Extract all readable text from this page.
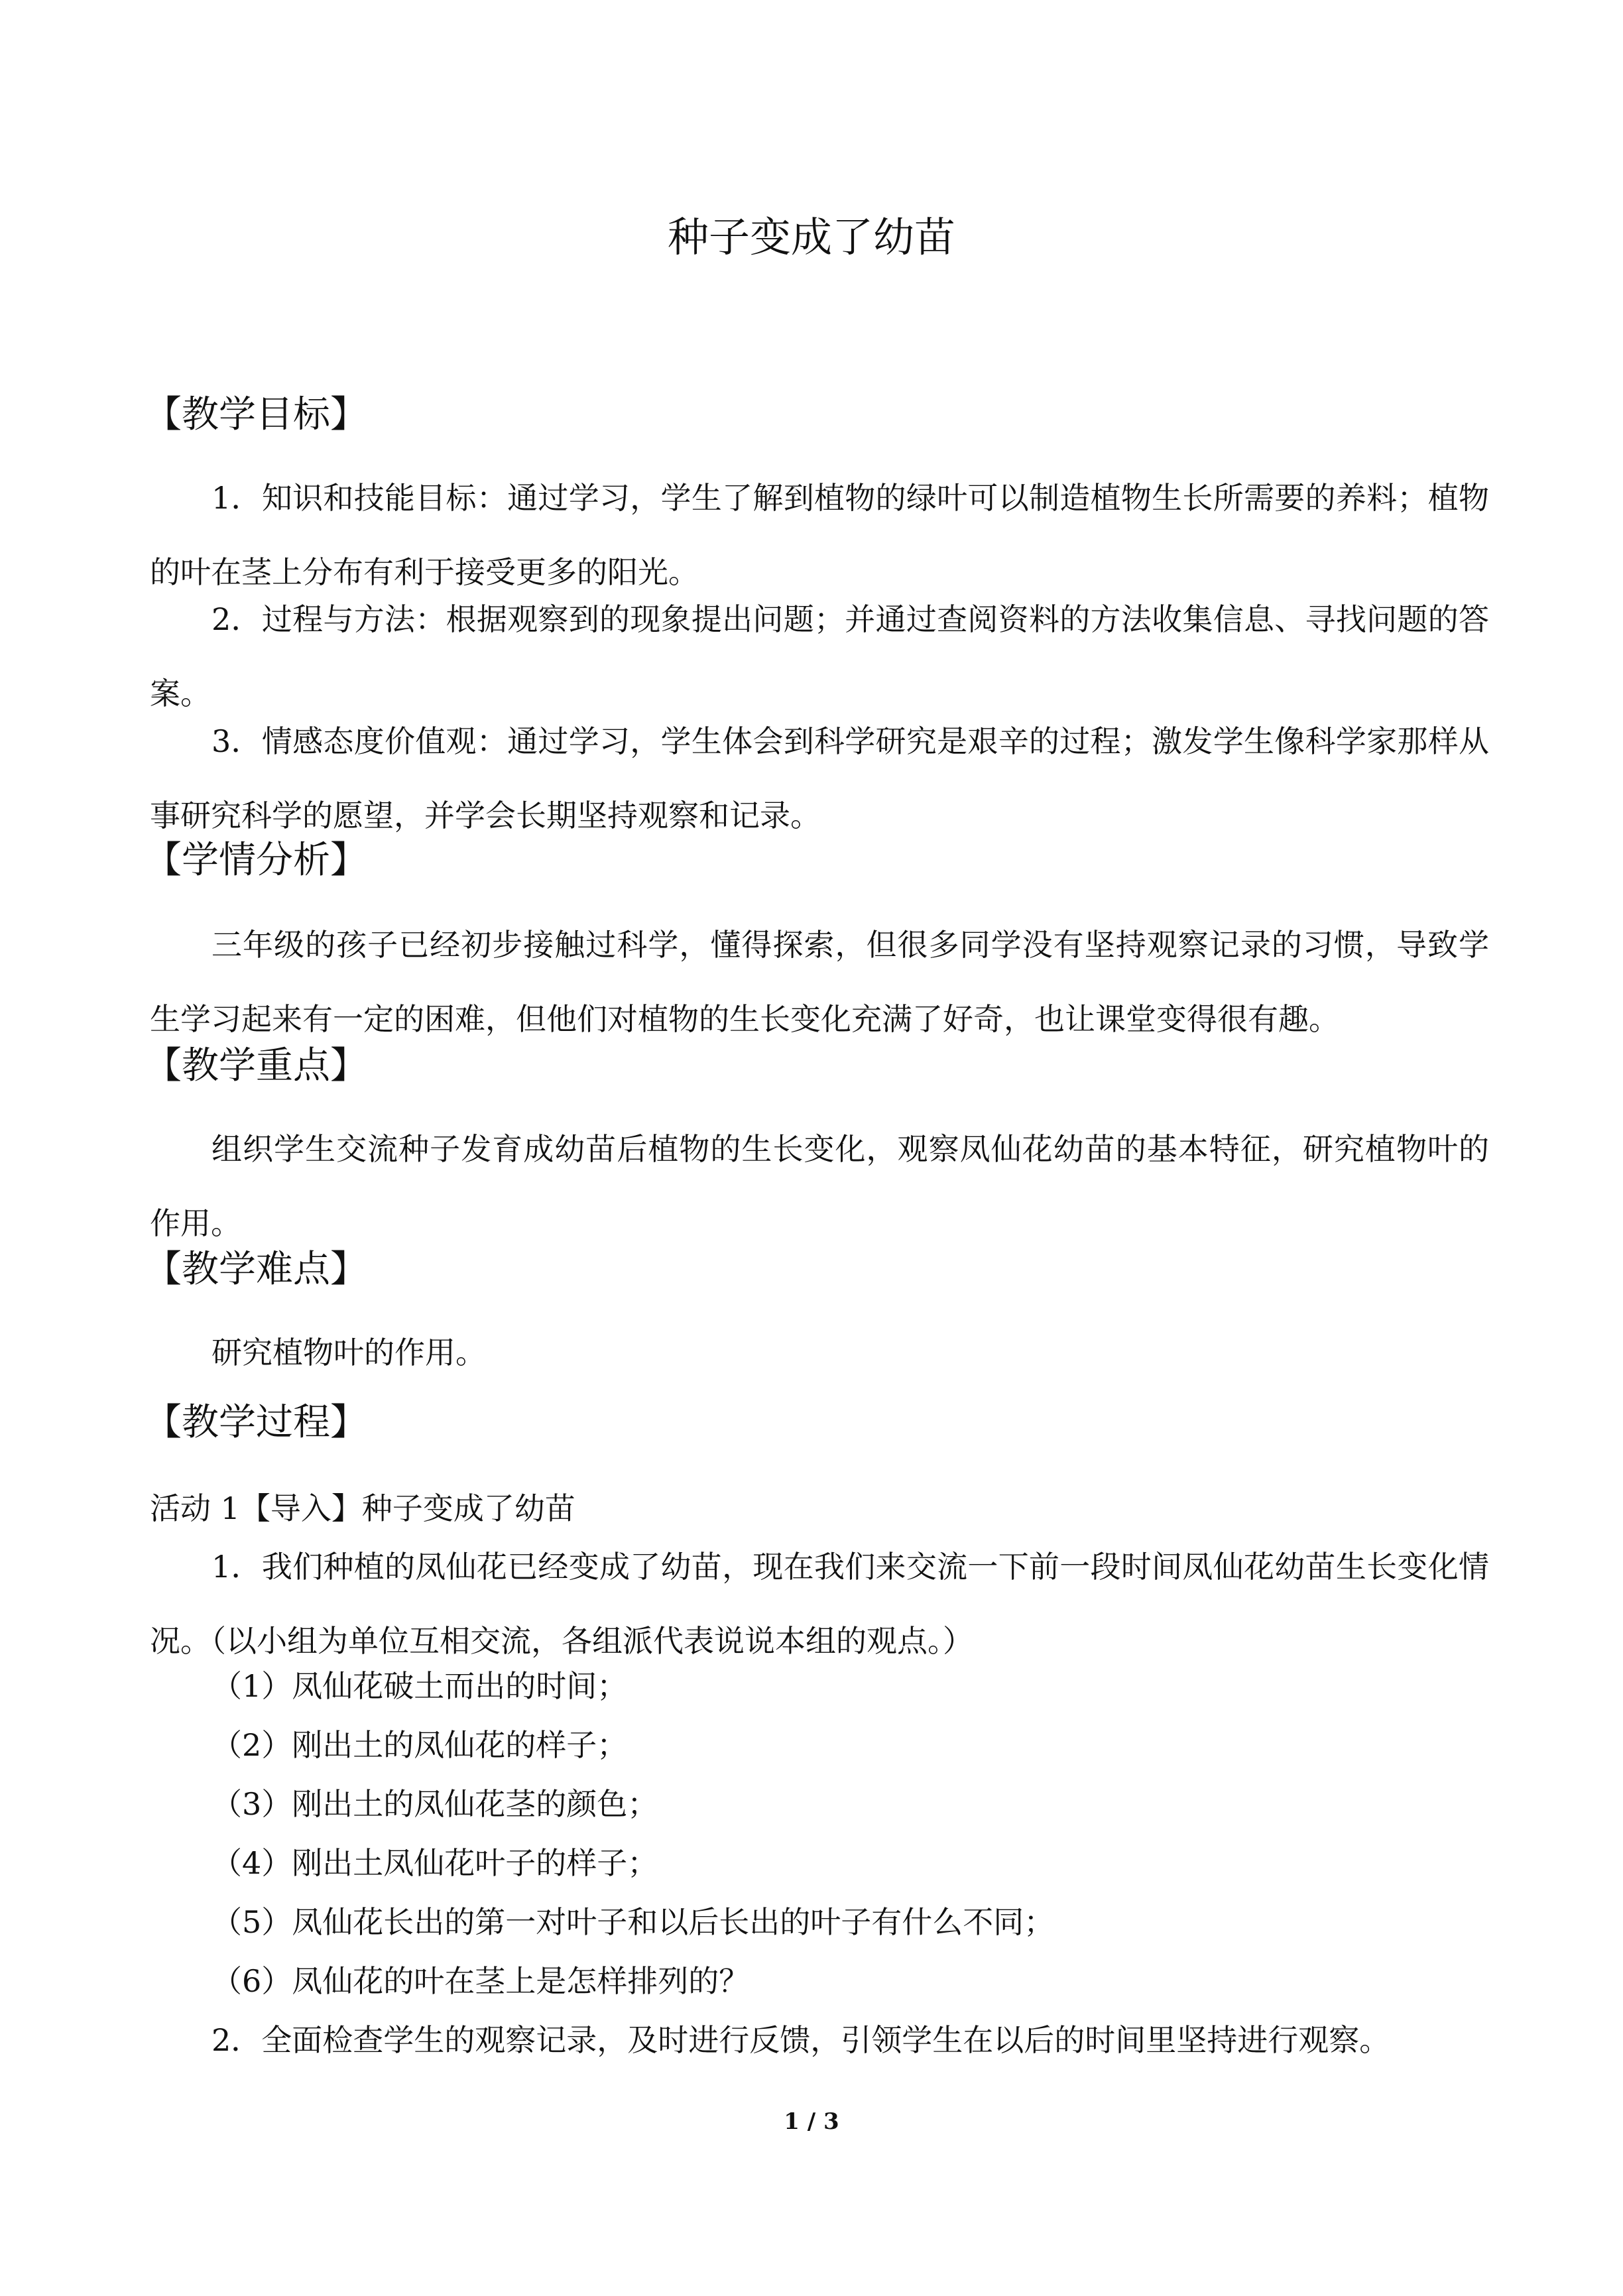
种子变成了幼苗
【教学目标】

1．知识和技能目标：通过学习，学生了解到植物的绿叶可以制造植物生长所需要的养料；植物的叶在茎上分布有利于接受更多的阳光。

2．过程与方法：根据观察到的现象提出问题；并通过查阅资料的方法收集信息、寻找问题的答案。

3．情感态度价值观：通过学习，学生体会到科学研究是艰辛的过程；激发学生像科学家那样从事研究科学的愿望，并学会长期坚持观察和记录。

【学情分析】

三年级的孩子已经初步接触过科学，懂得探索，但很多同学没有坚持观察记录的习惯，导致学生学习起来有一定的困难，但他们对植物的生长变化充满了好奇，也让课堂变得很有趣。

【教学重点】

组织学生交流种子发育成幼苗后植物的生长变化，观察凤仙花幼苗的基本特征，研究植物叶的作用。

【教学难点】

研究植物叶的作用。

【教学过程】

活动 1【导入】种子变成了幼苗

1．我们种植的凤仙花已经变成了幼苗，现在我们来交流一下前一段时间凤仙花幼苗生长变化情况。（以小组为单位互相交流，各组派代表说说本组的观点。）

（1）凤仙花破土而出的时间；

（2）刚出土的凤仙花的样子；

（3）刚出土的凤仙花茎的颜色；

（4）刚出土凤仙花叶子的样子；

（5）凤仙花长出的第一对叶子和以后长出的叶子有什么不同；

（6）凤仙花的叶在茎上是怎样排列的？

2．全面检查学生的观察记录，及时进行反馈，引领学生在以后的时间里坚持进行观察。

1 / 3
